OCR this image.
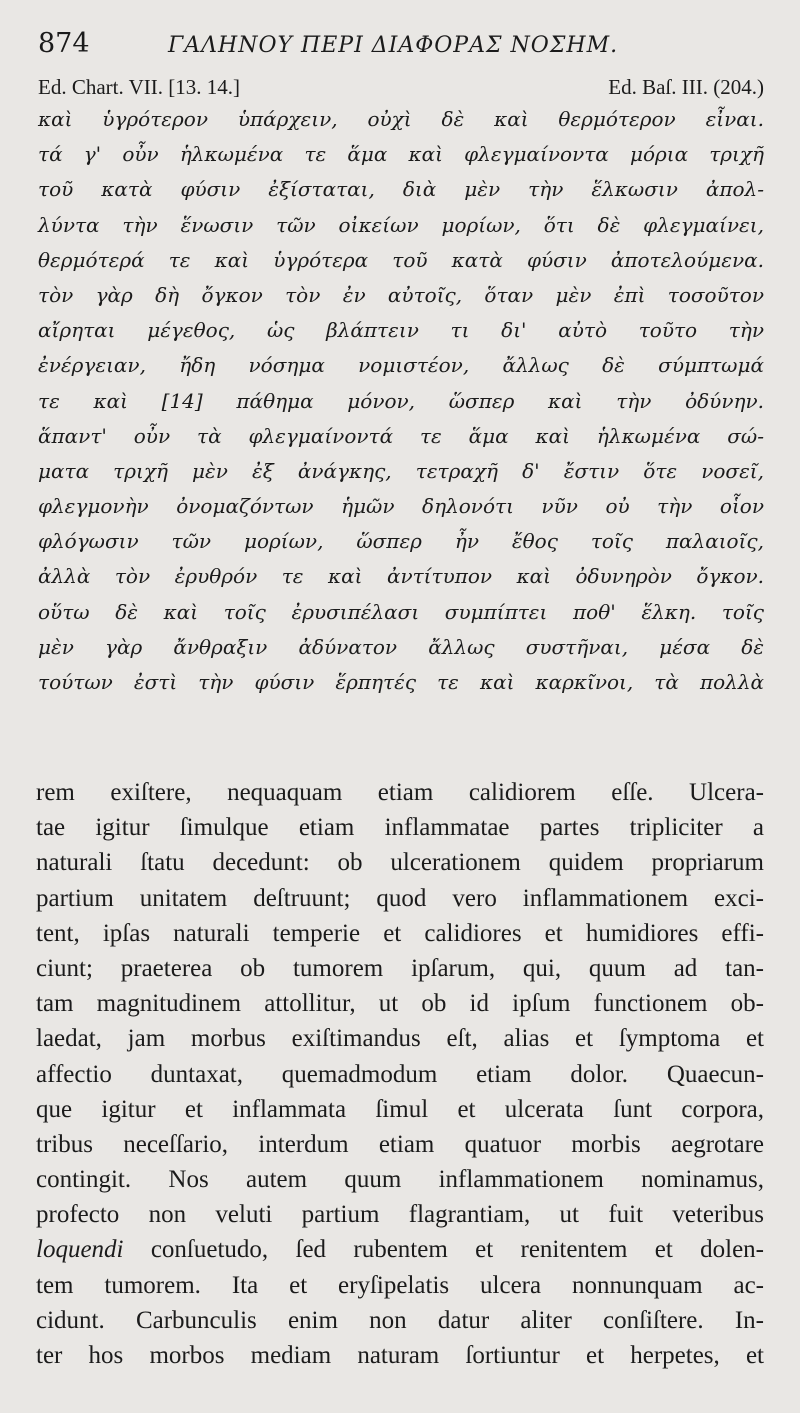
874	ΓΑΛΗΝΟΥ ΠΕΡΙ ΔΙΑΦΟΡΑΣ ΝΟΣΗΜ.
Ed. Chart. VII. [13. 14.]	Ed. Baſ. III. (204.)
καὶ ὑγρότερον ὑπάρχειν, οὐχὶ δὲ καὶ θερμότερον εἶναι.
τά γ' οὖν ἡλκωμένα τε ἅμα καὶ φλεγμαίνοντα μόρια τριχῆ
τοῦ κατὰ φύσιν ἐξίσταται, διὰ μὲν τὴν ἕλκωσιν ἀπολ-
λύντα τὴν ἕνωσιν τῶν οἰκείων μορίων, ὅτι δὲ φλεγμαίνει,
θερμότερά τε καὶ ὑγρότερα τοῦ κατὰ φύσιν ἀποτελούμενα.
τὸν γὰρ δὴ ὄγκον τὸν ἐν αὐτοῖς, ὅταν μὲν ἐπὶ τοσοῦτον
αἴρηται μέγεθος, ὡς βλάπτειν τι δι' αὐτὸ τοῦτο τὴν
ἐνέργειαν, ἤδη νόσημα νομιστέον, ἄλλως δὲ σύμπτωμά
τε καὶ [14] πάθημα μόνον, ὥσπερ καὶ τὴν ὀδύνην.
ἅπαντ' οὖν τὰ φλεγμαίνοντά τε ἅμα καὶ ἡλκωμένα σώ-
ματα τριχῆ μὲν ἐξ ἀνάγκης, τετραχῆ δ' ἔστιν ὅτε νοσεῖ,
φλεγμονὴν ὀνομαζόντων ἡμῶν δηλονότι νῦν οὐ τὴν οἷον
φλόγωσιν τῶν μορίων, ὥσπερ ἦν ἔθος τοῖς παλαιοῖς,
ἀλλὰ τὸν ἐρυθρόν τε καὶ ἀντίτυπον καὶ ὀδυνηρὸν ὄγκον.
οὕτω δὲ καὶ τοῖς ἐρυσιπέλασι συμπίπτει ποθ' ἕλκη. τοῖς
μὲν γὰρ ἄνθραξιν ἀδύνατον ἄλλως συστῆναι, μέσα δὲ
τούτων ἐστὶ τὴν φύσιν ἕρπητές τε καὶ καρκῖνοι, τὰ πολλὰ
rem exiſtere, nequaquam etiam calidiorem eſſe. Ulcera-
tae igitur ſimulque etiam inflammatae partes tripliciter a
naturali ſtatu decedunt: ob ulcerationem quidem propriarum
partium unitatem deſtruunt; quod vero inflammationem exci-
tent, ipſas naturali temperie et calidiores et humidiores effi-
ciunt; praeterea ob tumorem ipſarum, qui, quum ad tan-
tam magnitudinem attollitur, ut ob id ipſum functionem ob-
laedat, jam morbus exiſtimandus eſt, alias et ſymptoma et
affectio duntaxat, quemadmodum etiam dolor. Quaecun-
que igitur et inflammata ſimul et ulcerata ſunt corpora,
tribus neceſſario, interdum etiam quatuor morbis aegrotare
contingit. Nos autem quum inflammationem nominamus,
profecto non veluti partium flagrantiam, ut fuit veteribus
loquendi conſuetudo, ſed rubentem et renitentem et dolen-
tem tumorem. Ita et eryſipelatis ulcera nonnunquam ac-
cidunt. Carbunculis enim non datur aliter conſiſtere. In-
ter hos morbos mediam naturam ſortiuntur et herpetes, et
